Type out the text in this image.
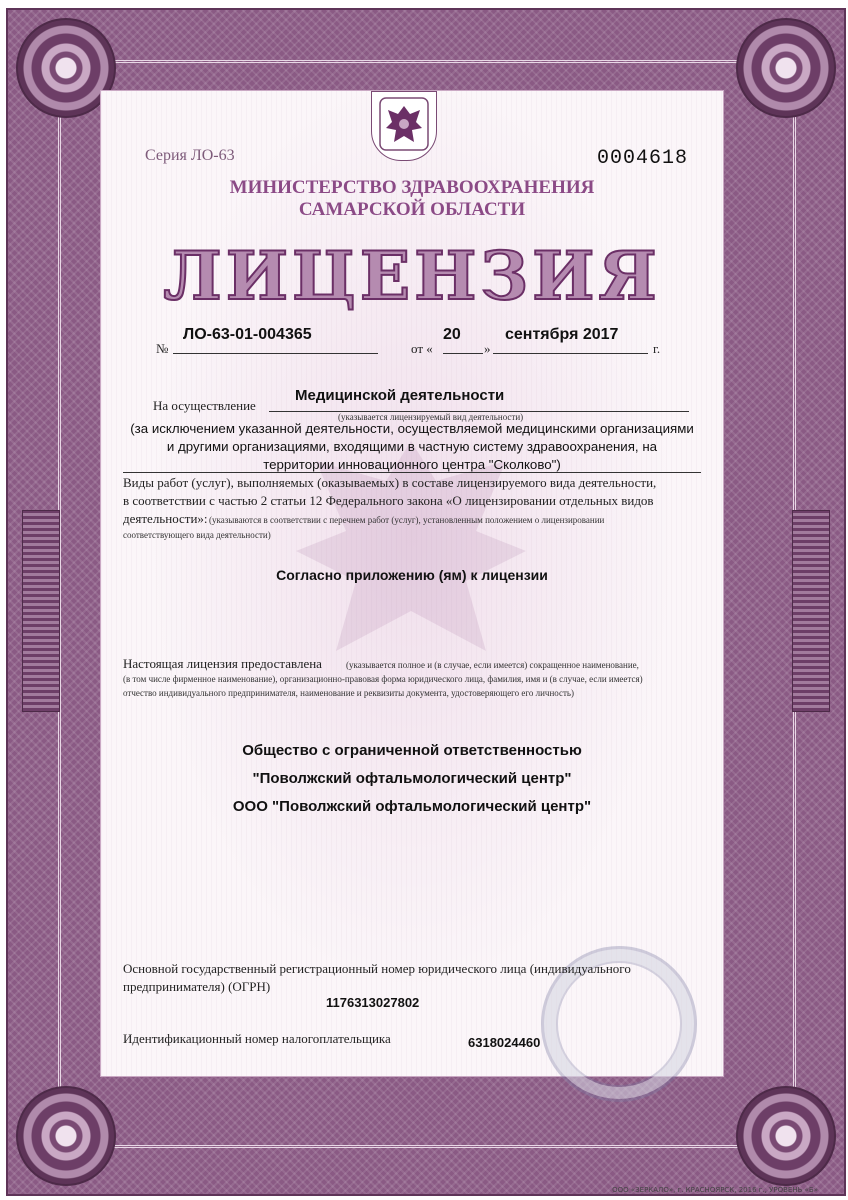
Серия ЛО-63	0004618
МИНИСТЕРСТВО ЗДРАВООХРАНЕНИЯ
САМАРСКОЙ ОБЛАСТИ
ЛИЦЕНЗИЯ
№
ЛО-63-01-004365
от «
20
»
сентября 2017
г.
На осуществление
Медицинской деятельности
(указывается лицензируемый вид деятельности)
(за исключением указанной деятельности, осуществляемой медицинскими организациями
и другими организациями, входящими в частную систему здравоохранения, на
территории инновационного центра "Сколково")
Виды работ (услуг), выполняемых (оказываемых) в составе лицензируемого вида деятельности,
в соответствии с частью 2 статьи 12 Федерального закона «О лицензировании отдельных видов
деятельности»: (указываются в соответствии с перечнем работ (услуг), установленным положением о лицензировании
соответствующего вида деятельности)
Согласно приложению (ям) к лицензии
Настоящая лицензия предоставлена	(указывается полное и (в случае, если имеется) сокращенное наименование,
(в том числе фирменное наименование), организационно-правовая форма юридического лица, фамилия, имя и (в случае, если имеется)
отчество индивидуального предпринимателя, наименование и реквизиты документа, удостоверяющего его личность)
Общество с ограниченной ответственностью
"Поволжский офтальмологический центр"
ООО "Поволжский офтальмологический центр"
Основной государственный регистрационный номер юридического лица (индивидуального
предпринимателя) (ОГРН)
1176313027802
Идентификационный номер налогоплательщика	6318024460
ООО «ЗЕРКАЛО», г. КРАСНОЯРСК, 2016 г., УРОВЕНЬ «Б»
